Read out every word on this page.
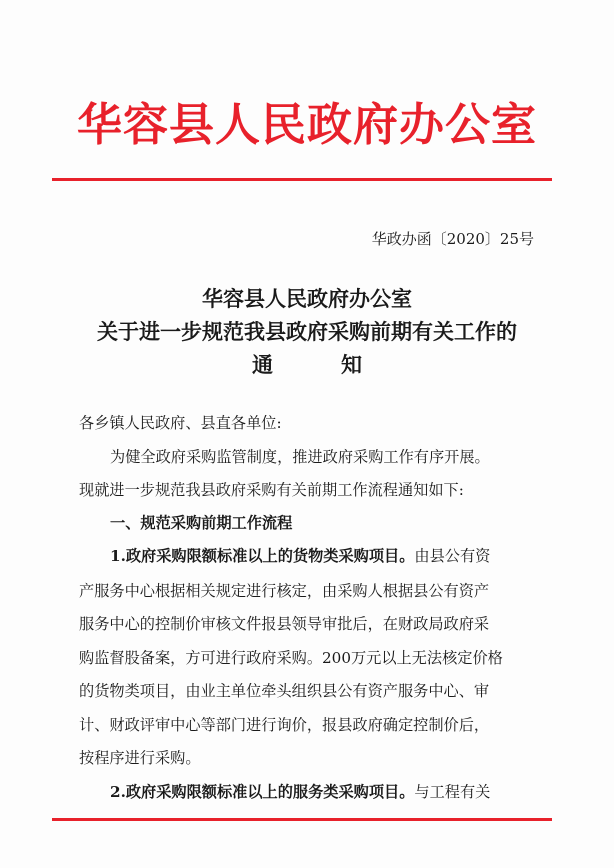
华容县人民政府办公室
华政办函〔2020〕25号
华容县人民政府办公室
关于进一步规范我县政府采购前期有关工作的
通	知
各乡镇人民政府、县直各单位:
为健全政府采购监管制度，推进政府采购工作有序开展。
现就进一步规范我县政府采购有关前期工作流程通知如下:
一、规范采购前期工作流程
1.政府采购限额标准以上的货物类采购项目。由县公有资
产服务中心根据相关规定进行核定，由采购人根据县公有资产
服务中心的控制价审核文件报县领导审批后，在财政局政府采
购监督股备案，方可进行政府采购。200万元以上无法核定价格
的货物类项目，由业主单位牵头组织县公有资产服务中心、审
计、财政评审中心等部门进行询价，报县政府确定控制价后，
按程序进行采购。
2.政府采购限额标准以上的服务类采购项目。与工程有关
